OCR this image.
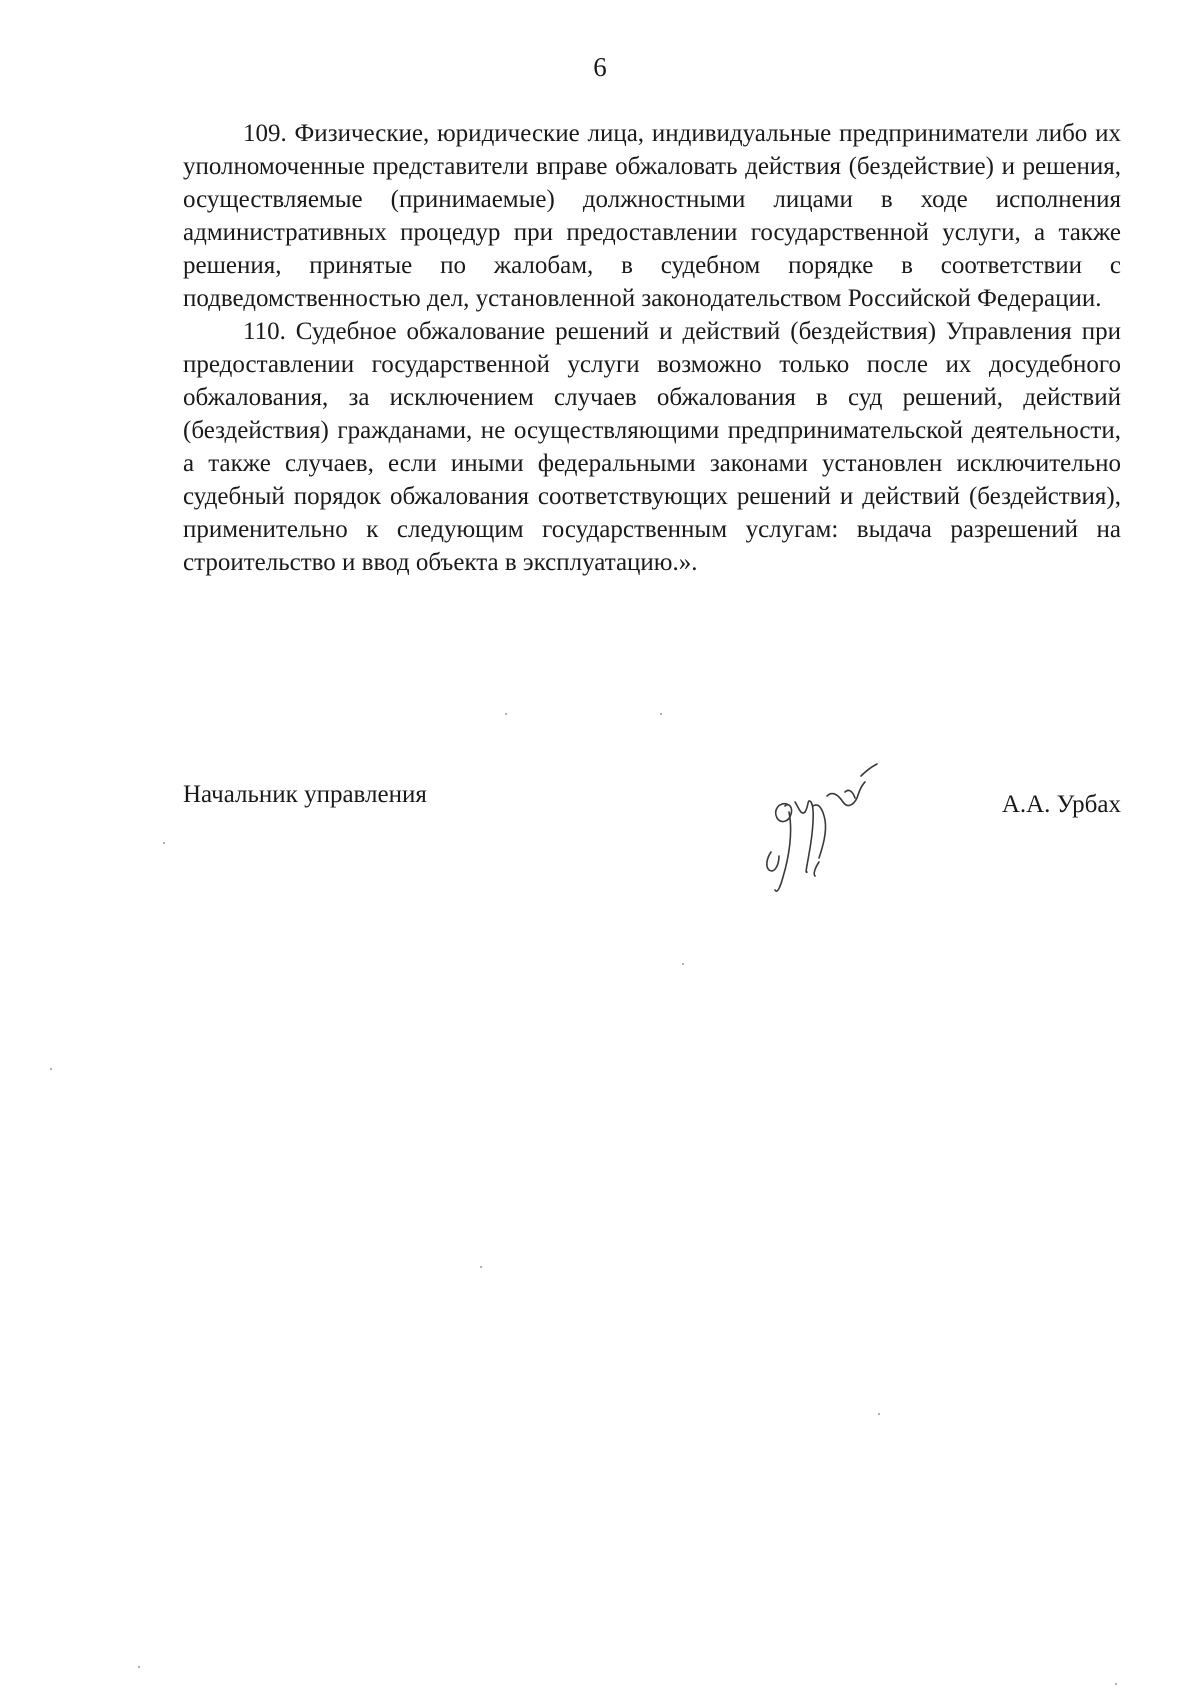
6

109. Физические, юридические лица, индивидуальные предприниматели либо их уполномоченные представители вправе обжаловать действия (бездействие) и решения, осуществляемые (принимаемые) должностными лицами в ходе исполнения административных процедур при предоставлении государственной услуги, а также решения, принятые по жалобам, в судебном порядке в соответствии с подведомственностью дел, установленной законодательством Российской Федерации.

110. Судебное обжалование решений и действий (бездействия) Управления при предоставлении государственной услуги возможно только после их досудебного обжалования, за исключением случаев обжалования в суд решений, действий (бездействия) гражданами, не осуществляющими предпринимательской деятельности, а также случаев, если иными федеральными законами установлен исключительно судебный порядок обжалования соответствующих решений и действий (бездействия), применительно к следующим государственным услугам: выдача разрешений на строительство и ввод объекта в эксплуатацию.».

Начальник управления	А.А. Урбах
